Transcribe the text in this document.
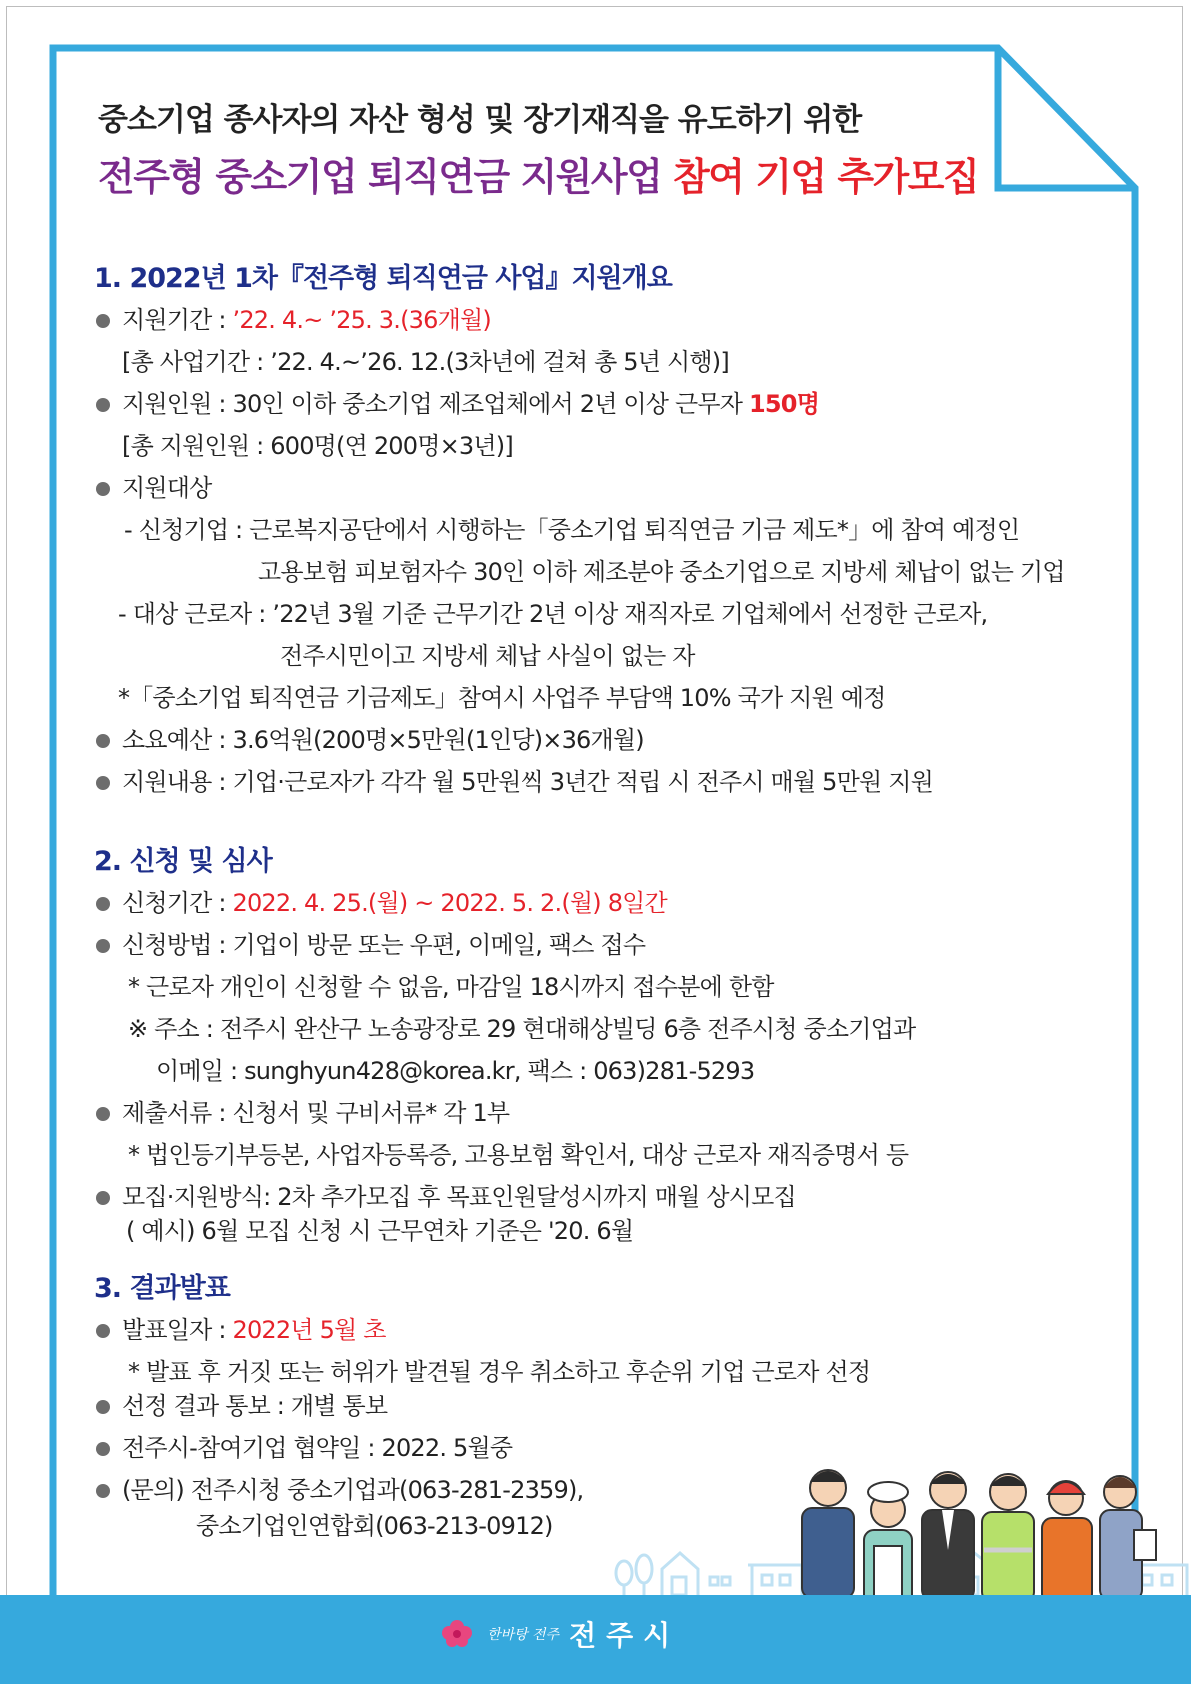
중소기업 종사자의 자산 형성 및 장기재직을 유도하기 위한
전주형 중소기업 퇴직연금 지원사업 참여 기업 추가모집
1. 2022년 1차『전주형 퇴직연금 사업』지원개요
지원기간 : ’22. 4.~ ’25. 3.(36개월)
[총 사업기간 : ’22. 4.~’26. 12.(3차년에 걸쳐 총 5년 시행)]
지원인원 : 30인 이하 중소기업 제조업체에서 2년 이상 근무자 150명
[총 지원인원 : 600명(연 200명×3년)]
지원대상
- 신청기업 : 근로복지공단에서 시행하는「중소기업 퇴직연금 기금 제도*」에 참여 예정인
고용보험 피보험자수 30인 이하 제조분야 중소기업으로 지방세 체납이 없는 기업
- 대상 근로자 : ’22년 3월 기준 근무기간 2년 이상 재직자로 기업체에서 선정한 근로자,
전주시민이고 지방세 체납 사실이 없는 자
*「중소기업 퇴직연금 기금제도」참여시 사업주 부담액 10% 국가 지원 예정
소요예산 : 3.6억원(200명×5만원(1인당)×36개월)
지원내용 : 기업·근로자가 각각 월 5만원씩 3년간 적립 시 전주시 매월 5만원 지원
2. 신청 및 심사
신청기간 : 2022. 4. 25.(월) ~ 2022. 5. 2.(월) 8일간
신청방법 : 기업이 방문 또는 우편, 이메일, 팩스 접수
* 근로자 개인이 신청할 수 없음, 마감일 18시까지 접수분에 한함
※ 주소 : 전주시 완산구 노송광장로 29 현대해상빌딩 6층 전주시청 중소기업과
이메일 : sunghyun428@korea.kr, 팩스 : 063)281-5293
제출서류 : 신청서 및 구비서류* 각 1부
* 법인등기부등본, 사업자등록증, 고용보험 확인서, 대상 근로자 재직증명서 등
모집·지원방식: 2차 추가모집 후 목표인원달성시까지 매월 상시모집
( 예시) 6월 모집 신청 시 근무연차 기준은 '20. 6월
3. 결과발표
발표일자 : 2022년 5월 초
* 발표 후 거짓 또는 허위가 발견될 경우 취소하고 후순위 기업 근로자 선정
선정 결과 통보 : 개별 통보
전주시-참여기업 협약일 : 2022. 5월중
(문의) 전주시청 중소기업과(063-281-2359),
중소기업인연합회(063-213-0912)
한바탕 전주 전주시
